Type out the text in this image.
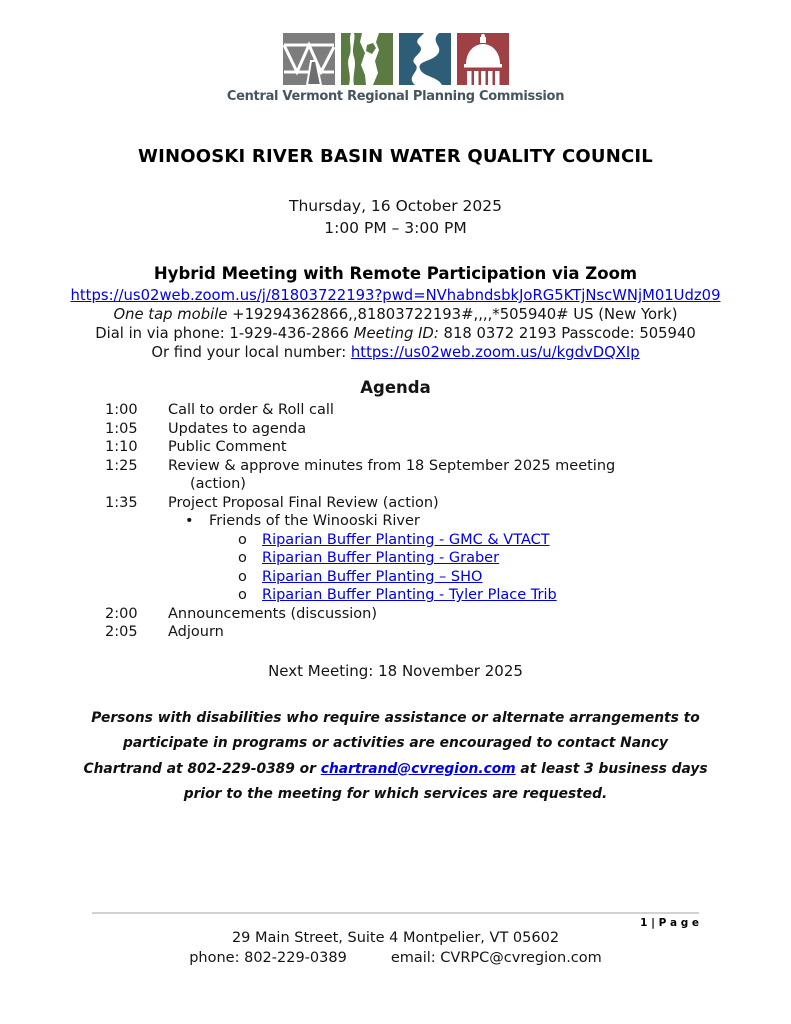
Central Vermont Regional Planning Commission
WINOOSKI RIVER BASIN WATER QUALITY COUNCIL
Thursday, 16 October 2025
1:00 PM – 3:00 PM
Hybrid Meeting with Remote Participation via Zoom
https://us02web.zoom.us/j/81803722193?pwd=NVhabndsbkJoRG5KTjNscWNjM01Udz09
One tap mobile +19294362866,,81803722193#,,,,*505940# US (New York)
Dial in via phone: 1-929-436-2866 Meeting ID: 818 0372 2193 Passcode: 505940
Or find your local number: https://us02web.zoom.us/u/kgdvDQXIp
Agenda
1:00	Call to order & Roll call
1:05	Updates to agenda
1:10	Public Comment
1:25	Review & approve minutes from 18 September 2025 meeting
(action)
1:35	Project Proposal Final Review (action)
•	Friends of the Winooski River
o	Riparian Buffer Planting - GMC & VTACT
o	Riparian Buffer Planting - Graber
o	Riparian Buffer Planting – SHO
o	Riparian Buffer Planting - Tyler Place Trib
2:00	Announcements (discussion)
2:05	Adjourn
Next Meeting: 18 November 2025

Persons with disabilities who require assistance or alternate arrangements to participate in programs or activities are encouraged to contact Nancy Chartrand at 802-229-0389 or chartrand@cvregion.com at least 3 business days prior to the meeting for which services are requested.

1 | P a g e
29 Main Street, Suite 4 Montpelier, VT 05602
phone: 802-229-0389	email: CVRPC@cvregion.com
